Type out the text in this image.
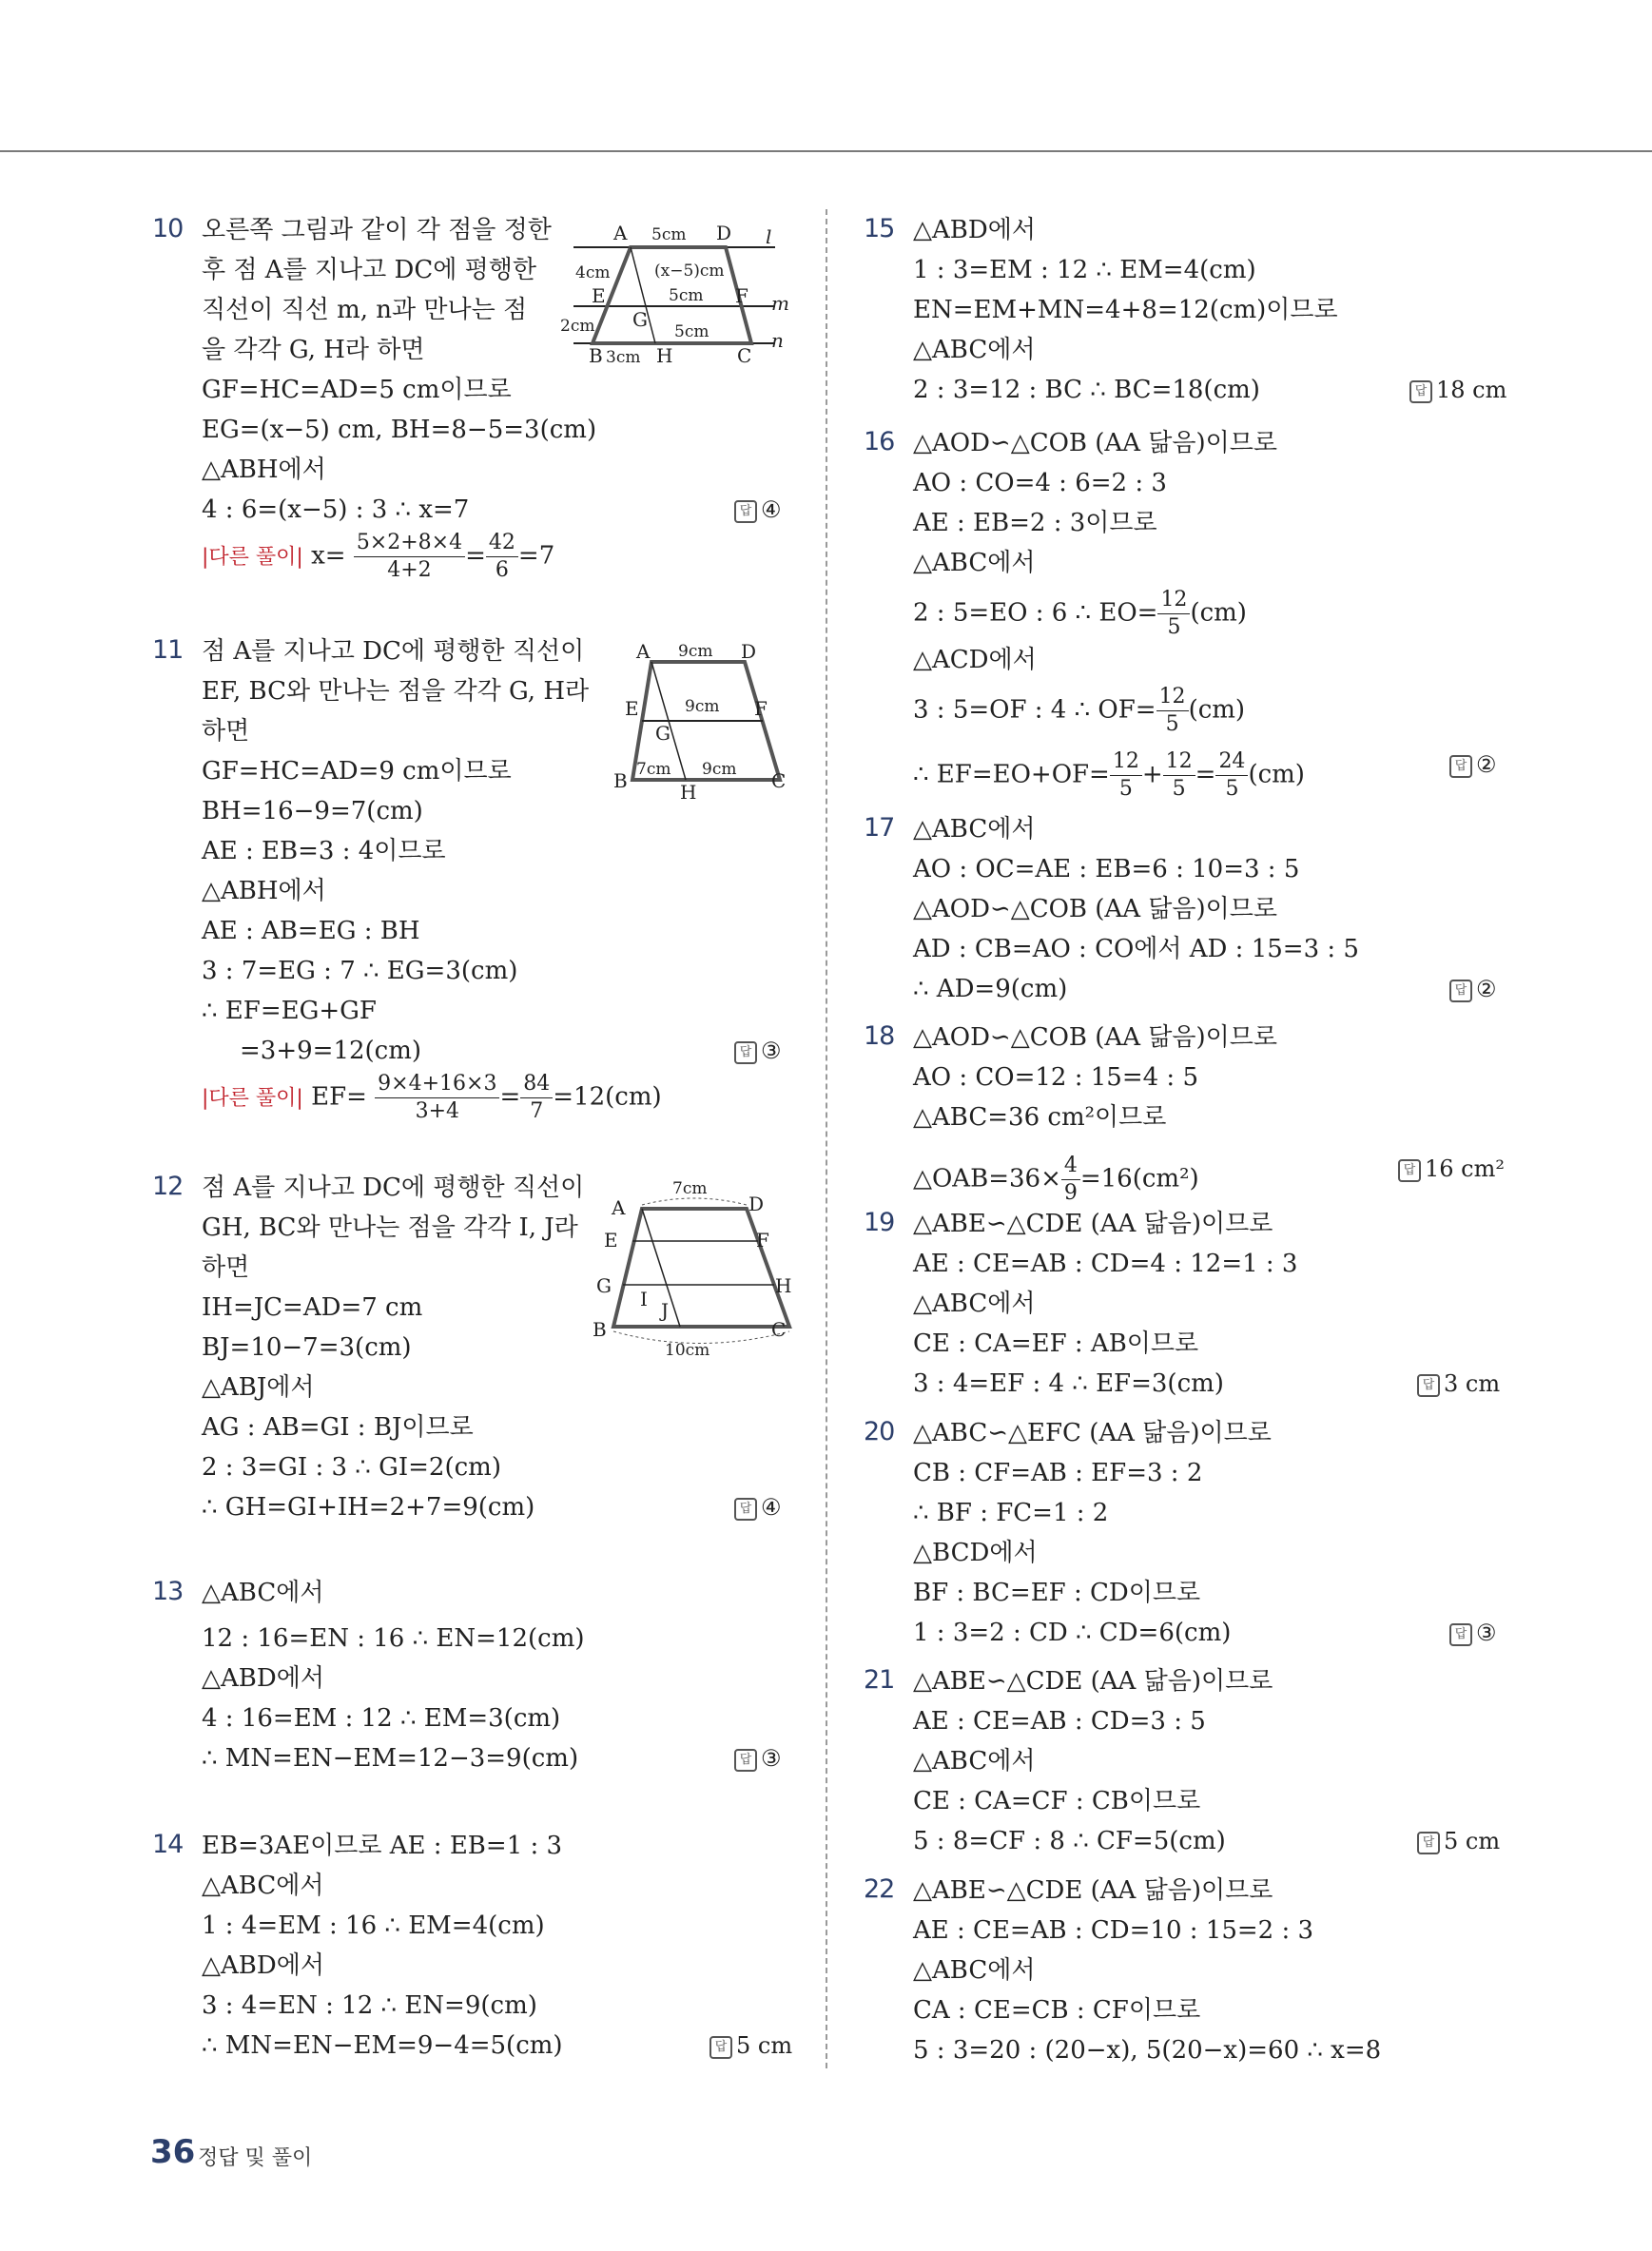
10 오른쪽 그림과 같이 각 점을 정한
후 점 A를 지나고 DC에 평행한
직선이 직선 m, n과 만나는 점
을 각각 G, H라 하면
GF=HC=AD=5 cm이므로
EG=(x−5) cm, BH=8−5=3(cm)
△ABH에서
4 : 6=(x−5) : 3 ∴ x=7	답 ④
|다른 풀이| $x= \frac{5\times 2+8\times 4}{4+2} = \frac{42}{6} =7$
A	D
E	F
G
B	H	C
l
m
n
5cm
5cm
5cm
4cm
2cm
3cm
(x−5)cm
11 점 A를 지나고 DC에 평행한 직선이
EF, BC와 만나는 점을 각각 G, H라
하면
GF=HC=AD=9 cm이므로
BH=16−9=7(cm)
AE : EB=3 : 4이므로
△ABH에서
AE : AB=EG : BH
3 : 7=EG : 7 ∴ EG=3(cm)
∴ EF=EG+GF
=3+9=12(cm)	답 ③
|다른 풀이| $EF= \frac{9\times 4+16\times 3}{3+4} = \frac{84}{7} =12(cm)$
A	D
E	F
G
B	H	C
9cm
9cm
9cm
7cm
12 점 A를 지나고 DC에 평행한 직선이
GH, BC와 만나는 점을 각각 I, J라
하면
IH=JC=AD=7 cm
BJ=10−7=3(cm)
△ABJ에서
AG : AB=GI : BJ이므로
2 : 3=GI : 3 ∴ GI=2(cm)
∴ GH=GI+IH=2+7=9(cm)	답 ④
A	D
E	F
G	H
I J
B	C
7cm
10cm
13 △ABC에서
12 : 16=EN : 16 ∴ EN=12(cm)
△ABD에서
4 : 16=EM : 12 ∴ EM=3(cm)
∴ MN=EN−EM=12−3=9(cm)	답 ③
14 EB=3AE이므로 AE : EB=1 : 3
△ABC에서
1 : 4=EM : 16 ∴ EM=4(cm)
△ABD에서
3 : 4=EN : 12 ∴ EN=9(cm)
∴ MN=EN−EM=9−4=5(cm)	답 5 cm
15 △ABD에서
1 : 3=EM : 12 ∴ EM=4(cm)
EN=EM+MN=4+8=12(cm)이므로
△ABC에서
2 : 3=12 : BC ∴ BC=18(cm)	답 18 cm
16 △AOD∽△COB (AA 닮음)이므로
AO : CO=4 : 6=2 : 3
AE : EB=2 : 3이므로
△ABC에서
2 : 5=EO : 6 ∴ $EO= \frac{12}{5} (cm)$
△ACD에서
3 : 5=OF : 4 ∴ $OF= \frac{12}{5} (cm)$
∴ $EF=EO+OF= \frac{12}{5} + \frac{12}{5} = \frac{24}{5} (cm)$	답 ②
17 △ABC에서
AO : OC=AE : EB=6 : 10=3 : 5
△AOD∽△COB (AA 닮음)이므로
AD : CB=AO : CO에서 AD : 15=3 : 5
∴ AD=9(cm)	답 ②
18 △AOD∽△COB (AA 닮음)이므로
AO : CO=12 : 15=4 : 5
△ABC=36 cm²이므로
△OAB=36× $\frac{4}{9} =16(cm^2)$	답 16 cm²
19 △ABE∽△CDE (AA 닮음)이므로
AE : CE=AB : CD=4 : 12=1 : 3
△ABC에서
CE : CA=EF : AB이므로
3 : 4=EF : 4 ∴ EF=3(cm)	답 3 cm
20 △ABC∽△EFC (AA 닮음)이므로
CB : CF=AB : EF=3 : 2
∴ BF : FC=1 : 2
△BCD에서
BF : BC=EF : CD이므로
1 : 3=2 : CD ∴ CD=6(cm)	답 ③
21 △ABE∽△CDE (AA 닮음)이므로
AE : CE=AB : CD=3 : 5
△ABC에서
CE : CA=CF : CB이므로
5 : 8=CF : 8 ∴ CF=5(cm)	답 5 cm
22 △ABE∽△CDE (AA 닮음)이므로
AE : CE=AB : CD=10 : 15=2 : 3
△ABC에서
CA : CE=CB : CF이므로
5 : 3=20 : (20−x), 5(20−x)=60 ∴ x=8
36 정답 및 풀이
